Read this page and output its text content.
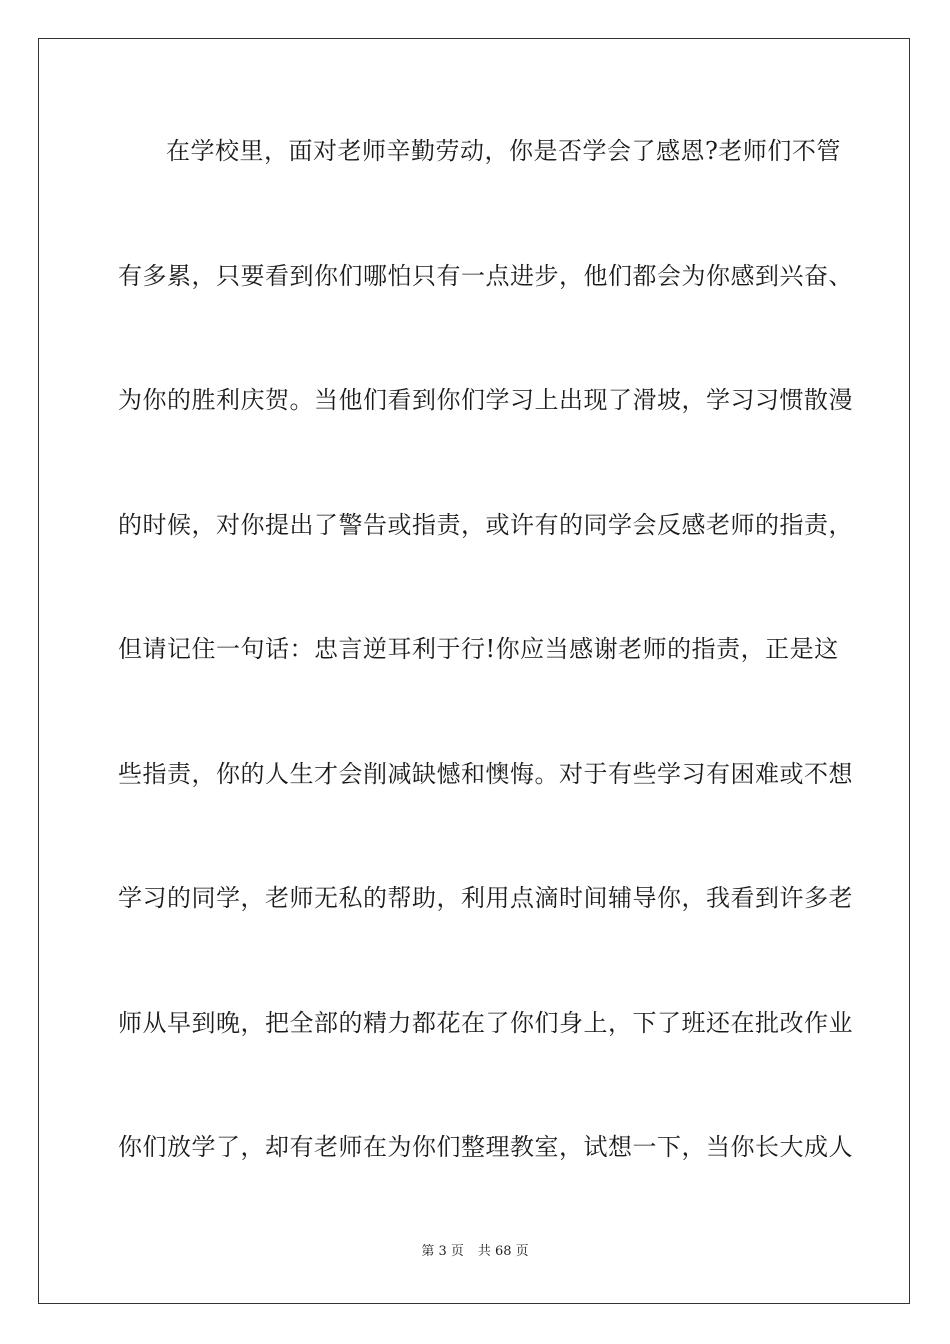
在学校里，面对老师辛勤劳动，你是否学会了感恩?老师们不管
有多累，只要看到你们哪怕只有一点进步，他们都会为你感到兴奋、
为你的胜利庆贺。当他们看到你们学习上出现了滑坡，学习习惯散漫
的时候，对你提出了警告或指责，或许有的同学会反感老师的指责，
但请记住一句话：忠言逆耳利于行!你应当感谢老师的指责，正是这
些指责，你的人生才会削减缺憾和懊悔。对于有些学习有困难或不想
学习的同学，老师无私的帮助，利用点滴时间辅导你，我看到许多老
师从早到晚，把全部的精力都花在了你们身上，下了班还在批改作业
你们放学了，却有老师在为你们整理教室，试想一下，当你长大成人
第 3 页 共 68 页
